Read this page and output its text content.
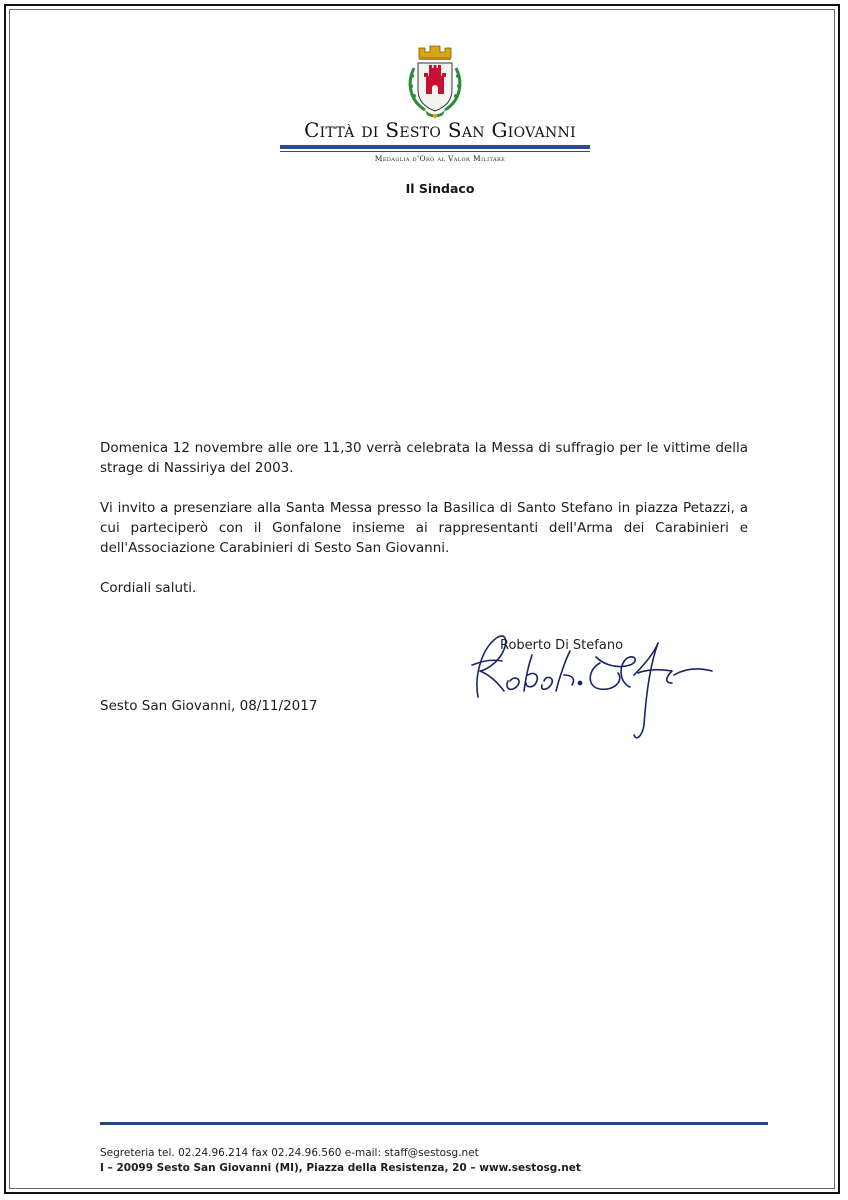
Città di Sesto San Giovanni
Medaglia d'Oro al Valor Militare
Il Sindaco

Domenica 12 novembre alle ore 11,30 verrà celebrata la Messa di suffragio per le vittime della strage di Nassiriya del 2003.

Vi invito a presenziare alla Santa Messa presso la Basilica di Santo Stefano in piazza Petazzi, a cui parteciperò con il Gonfalone insieme ai rappresentanti dell'Arma dei Carabinieri e dell'Associazione Carabinieri di Sesto San Giovanni.

Cordiali saluti.

Roberto Di Stefano
Sesto San Giovanni, 08/11/2017
Segreteria tel. 02.24.96.214 fax 02.24.96.560 e-mail: staff@sestosg.net
I – 20099 Sesto San Giovanni (MI), Piazza della Resistenza, 20 – www.sestosg.net
